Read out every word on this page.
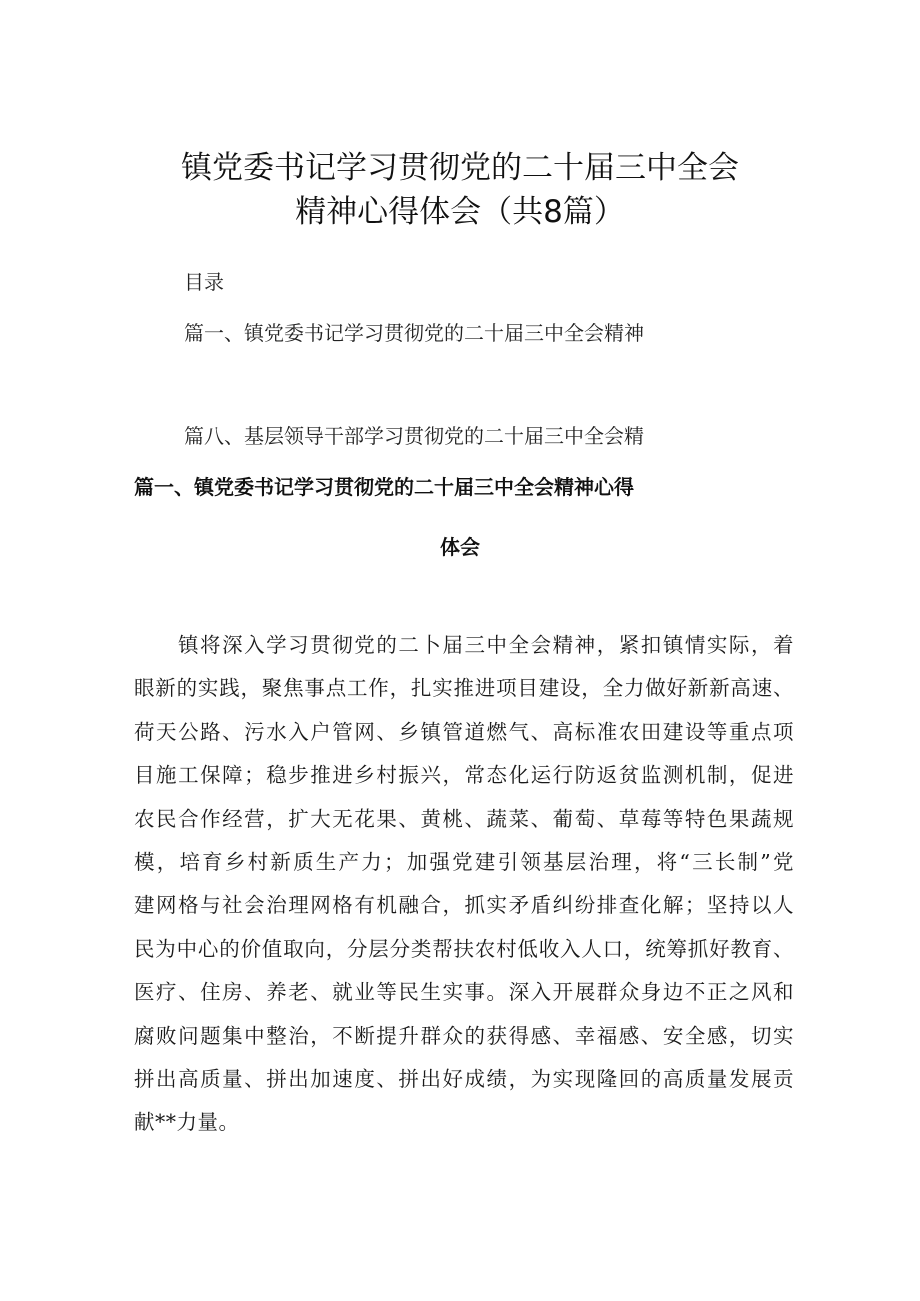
镇党委书记学习贯彻党的二十届三中全会
精神心得体会（共8篇）
目录
篇一、镇党委书记学习贯彻党的二十届三中全会精神
篇八、基层领导干部学习贯彻党的二十届三中全会精
篇一、镇党委书记学习贯彻党的二十届三中全会精神心得
体会
镇将深入学习贯彻党的二卜届三中全会精神，紧扣镇情实际，着
眼新的实践，聚焦事点工作，扎实推进项目建设，全力做好新新高速、
荷天公路、污水入户管网、乡镇管道燃气、高标准农田建设等重点项
目施工保障；稳步推进乡村振兴，常态化运行防返贫监测机制，促进
农民合作经营，扩大无花果、黄桃、蔬菜、葡萄、草莓等特色果蔬规
模，培育乡村新质生产力；加强党建引领基层治理，将“三长制”党
建网格与社会治理网格有机融合，抓实矛盾纠纷排查化解；坚持以人
民为中心的价值取向，分层分类帮扶农村低收入人口，统筹抓好教育、
医疗、住房、养老、就业等民生实事。深入开展群众身边不正之风和
腐败问题集中整治，不断提升群众的获得感、幸福感、安全感，切实
拼出高质量、拼出加速度、拼出好成绩，为实现隆回的高质量发展贡
献**力量。
